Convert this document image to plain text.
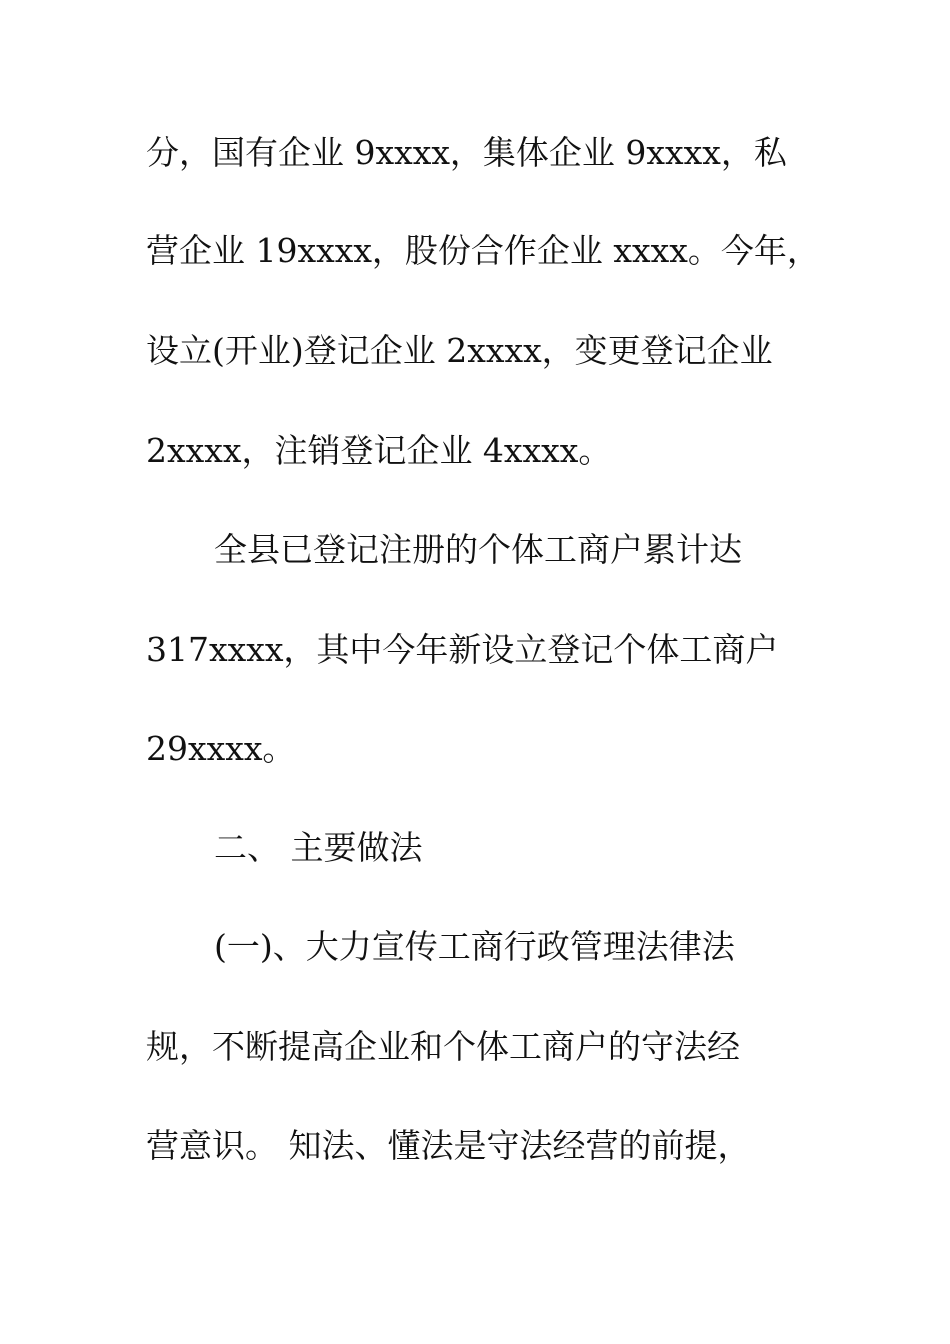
分，国有企业 9xxxx，集体企业 9xxxx，私
营企业 19xxxx，股份合作企业 xxxx。今年，
设立(开业)登记企业 2xxxx，变更登记企业
2xxxx，注销登记企业 4xxxx。
全县已登记注册的个体工商户累计达
317xxxx，其中今年新设立登记个体工商户
29xxxx。
二、 主要做法
(一)、大力宣传工商行政管理法律法
规，不断提高企业和个体工商户的守法经
营意识。 知法、懂法是守法经营的前提，
